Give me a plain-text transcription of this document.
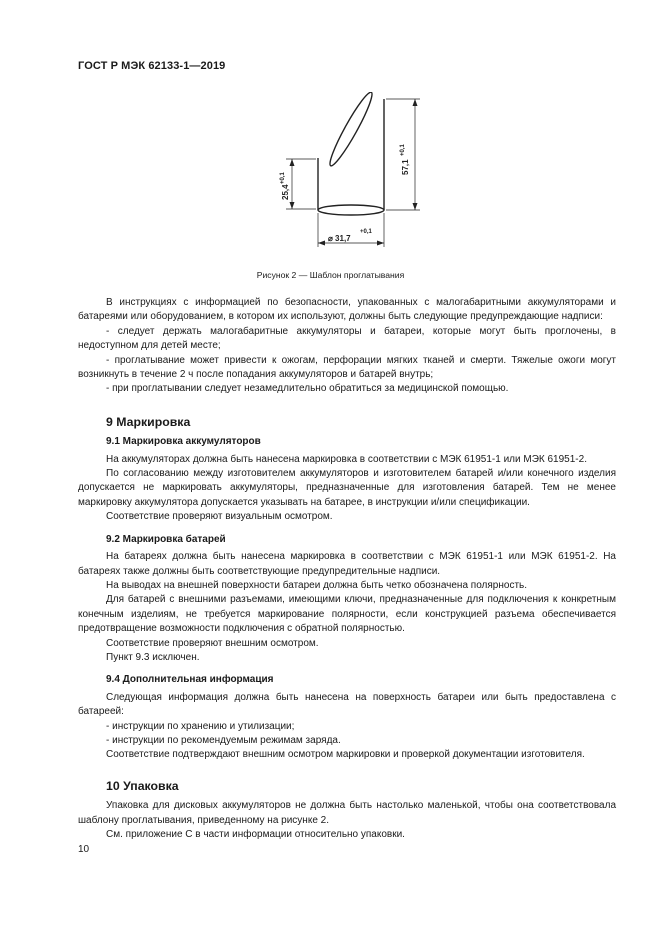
ГОСТ Р МЭК 62133-1—2019
57,1
+0,1
25,4
+0,1
⌀ 31,7
+0,1
Рисунок 2 — Шаблон проглатывания

В инструкциях с информацией по безопасности, упакованных с малогабаритными аккумуляторами и батареями или оборудованием, в котором их используют, должны быть следующие предупреждающие надписи:

- следует держать малогабаритные аккумуляторы и батареи, которые могут быть проглочены, в недоступном для детей месте;

- проглатывание может привести к ожогам, перфорации мягких тканей и смерти. Тяжелые ожоги могут возникнуть в течение 2 ч после попадания аккумуляторов и батарей внутрь;

- при проглатывании следует незамедлительно обратиться за медицинской помощью.

9 Маркировка
9.1 Маркировка аккумуляторов

На аккумуляторах должна быть нанесена маркировка в соответствии с МЭК 61951-1 или МЭК 61951-2.

По согласованию между изготовителем аккумуляторов и изготовителем батарей и/или конечного изделия допускается не маркировать аккумуляторы, предназначенные для изготовления батарей. Тем не менее маркировку аккумулятора допускается указывать на батарее, в инструкции и/или спецификации.

Соответствие проверяют визуальным осмотром.

9.2 Маркировка батарей

На батареях должна быть нанесена маркировка в соответствии с МЭК 61951-1 или МЭК 61951-2. На батареях также должны быть соответствующие предупредительные надписи.

На выводах на внешней поверхности батареи должна быть четко обозначена полярность.

Для батарей с внешними разъемами, имеющими ключи, предназначенные для подключения к конкретным конечным изделиям, не требуется маркирование полярности, если конструкцией разъема обеспечивается предотвращение возможности подключения с обратной полярностью.

Соответствие проверяют внешним осмотром.

Пункт 9.3 исключен.

9.4 Дополнительная информация

Следующая информация должна быть нанесена на поверхность батареи или быть предоставлена с батареей:

- инструкции по хранению и утилизации;

- инструкции по рекомендуемым режимам заряда.

Соответствие подтверждают внешним осмотром маркировки и проверкой документации изготовителя.

10 Упаковка

Упаковка для дисковых аккумуляторов не должна быть настолько маленькой, чтобы она соответствовала шаблону проглатывания, приведенному на рисунке 2.

См. приложение С в части информации относительно упаковки.

10
